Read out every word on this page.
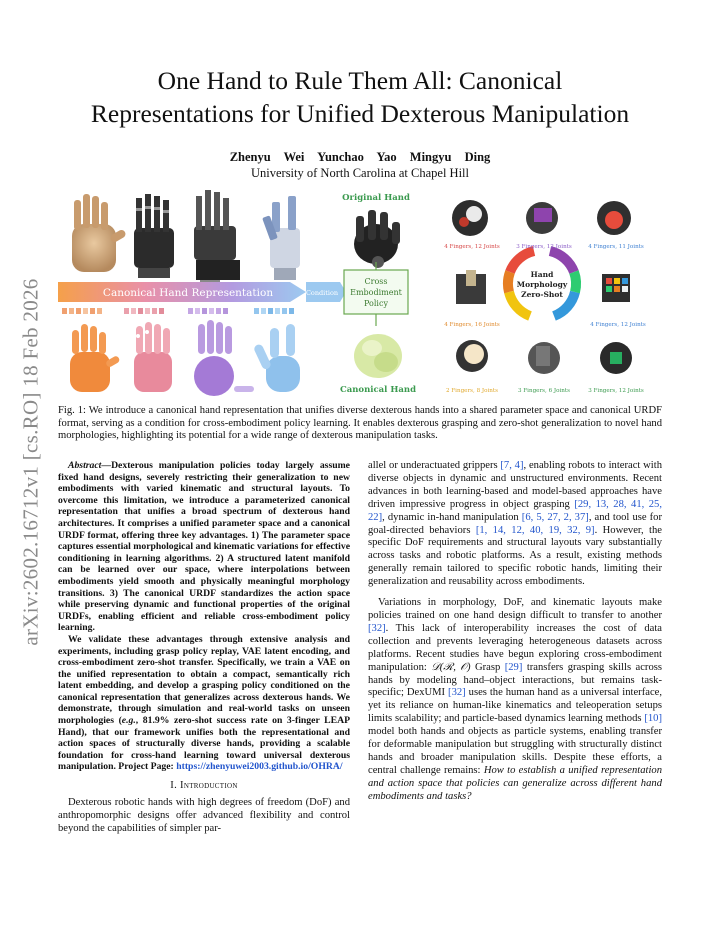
arXiv:2602.16712v1 [cs.RO] 18 Feb 2026
One Hand to Rule Them All: Canonical
Representations for Unified Dexterous Manipulation
Zhenyu Wei Yunchao Yao Mingyu Ding
University of North Carolina at Chapel Hill
Canonical Hand Representation	Condition
Original Hand
Cross
Embodiment
Policy
Canonical Hand
Hand
Morphology
Zero-Shot
4 Fingers, 12 Joints	3 Fingers, 12 Joints	4 Fingers, 11 Joints
4 Fingers, 16 Joints	4 Fingers, 12 Joints
2 Fingers, 8 Joints	3 Fingers, 6 Joints	3 Fingers, 12 Joints
Fig. 1: We introduce a canonical hand representation that unifies diverse dexterous hands into a shared parameter space and canonical URDF format, serving as a condition for cross-embodiment policy learning. It enables dexterous grasping and zero-shot generalization to novel hand morphologies, highlighting its potential for a wide range of dexterous manipulation tasks.

Abstract—Dexterous manipulation policies today largely assume fixed hand designs, severely restricting their generalization to new embodiments with varied kinematic and structural layouts. To overcome this limitation, we introduce a parameterized canonical representation that unifies a broad spectrum of dexterous hand architectures. It comprises a unified parameter space and a canonical URDF format, offering three key advantages. 1) The parameter space captures essential morphological and kinematic variations for effective conditioning in learning algorithms. 2) A structured latent manifold can be learned over our space, where interpolations between embodiments yield smooth and physically meaningful morphology transitions. 3) The canonical URDF standardizes the action space while preserving dynamic and functional properties of the original URDFs, enabling efficient and reliable cross-embodiment policy learning.

We validate these advantages through extensive analysis and experiments, including grasp policy replay, VAE latent encoding, and cross-embodiment zero-shot transfer. Specifically, we train a VAE on the unified representation to obtain a compact, semantically rich latent embedding, and develop a grasping policy conditioned on the canonical representation that generalizes across dexterous hands. We demonstrate, through simulation and real-world tasks on unseen morphologies (e.g., 81.9% zero-shot success rate on 3-finger LEAP Hand), that our framework unifies both the representational and action spaces of structurally diverse hands, providing a scalable foundation for cross-hand learning toward universal dexterous manipulation. Project Page: https://zhenyuwei2003.github.io/OHRA/

I. Introduction

Dexterous robotic hands with high degrees of freedom (DoF) and anthropomorphic designs offer advanced flexibility and control beyond the capabilities of simpler par-

allel or underactuated grippers [7, 4], enabling robots to interact with diverse objects in dynamic and unstructured environments. Recent advances in both learning-based and model-based approaches have driven impressive progress in object grasping [29, 13, 28, 41, 25, 22], dynamic in-hand manipulation [6, 5, 27, 2, 37], and tool use for goal-directed behaviors [1, 14, 12, 40, 19, 32, 9]. However, the specific DoF requirements and structural layouts vary substantially across tasks and robotic platforms. As a result, existing methods generally remain tailored to specific robotic hands, limiting their generalization and reusability across embodiments.

Variations in morphology, DoF, and kinematic layouts make policies trained on one hand design difficult to transfer to another [32]. This lack of interoperability increases the cost of data collection and prevents leveraging heterogeneous datasets across platforms. Recent studies have begun exploring cross-embodiment manipulation: 𝒟(ℛ, 𝒪) Grasp [29] transfers grasping skills across hands by modeling hand–object interactions, but remains task-specific; DexUMI [32] uses the human hand as a universal interface, yet its reliance on human-like kinematics and teleoperation setups limits scalability; and particle-based dynamics learning methods [10] model both hands and objects as particle systems, enabling transfer for deformable manipulation but struggling with structurally distinct hands and broader manipulation skills. Despite these efforts, a central challenge remains: How to establish a unified representation and action space that policies can generalize across different hand embodiments and tasks?
